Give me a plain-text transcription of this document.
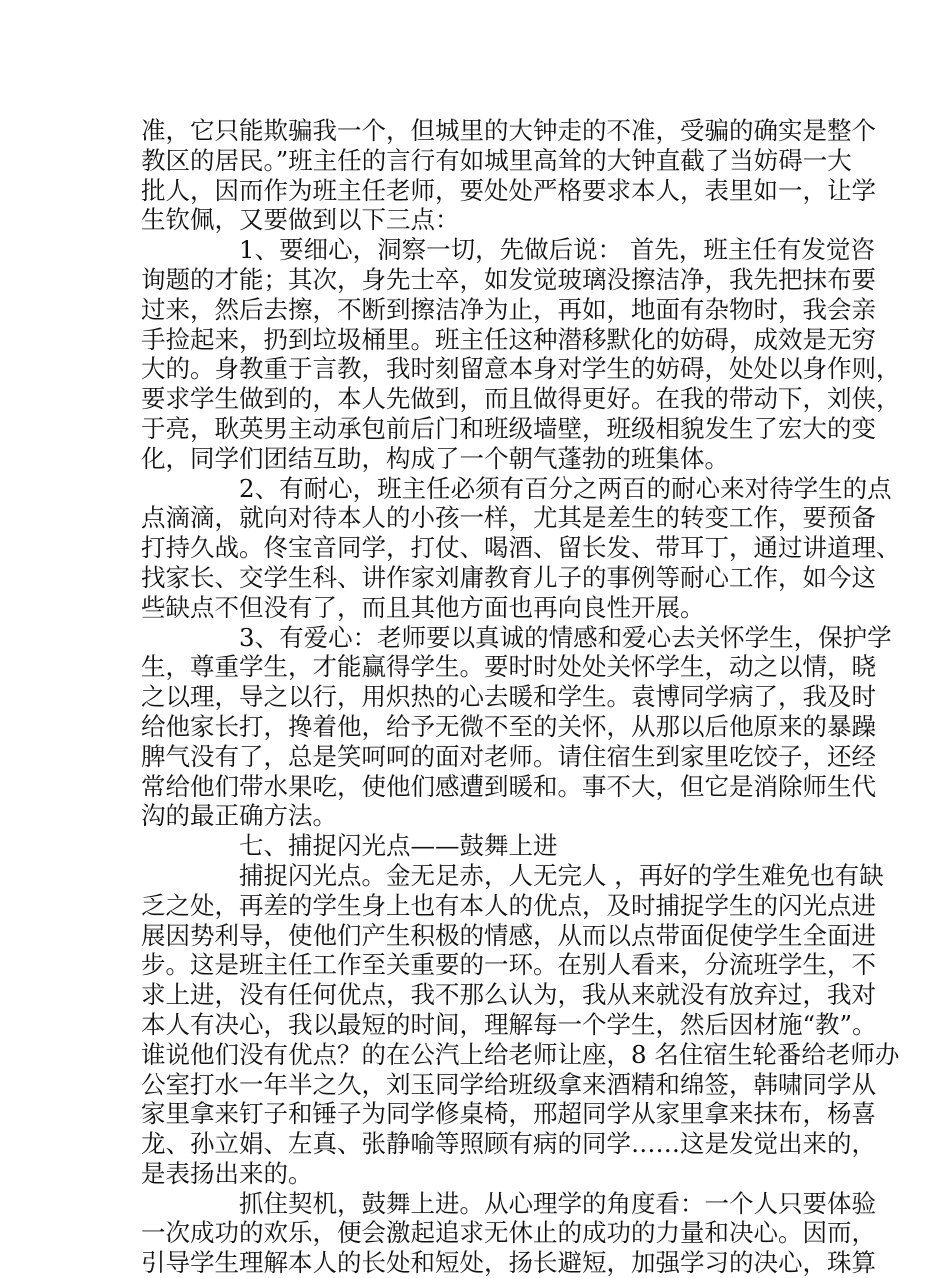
准，它只能欺骗我一个，但城里的大钟走的不准，受骗的确实是整个
教区的居民。”班主任的言行有如城里高耸的大钟直截了当妨碍一大
批人，因而作为班主任老师，要处处严格要求本人，表里如一，让学
生钦佩，又要做到以下三点：
1、要细心，洞察一切，先做后说： 首先，班主任有发觉咨
询题的才能；其次，身先士卒，如发觉玻璃没擦洁净，我先把抹布要
过来，然后去擦，不断到擦洁净为止，再如，地面有杂物时，我会亲
手捡起来，扔到垃圾桶里。班主任这种潜移默化的妨碍，成效是无穷
大的。身教重于言教，我时刻留意本身对学生的妨碍，处处以身作则，
要求学生做到的，本人先做到，而且做得更好。在我的带动下，刘侠，
于亮，耿英男主动承包前后门和班级墙壁，班级相貌发生了宏大的变
化，同学们团结互助，构成了一个朝气蓬勃的班集体。
2、有耐心，班主任必须有百分之两百的耐心来对待学生的点
点滴滴，就向对待本人的小孩一样，尤其是差生的转变工作，要预备
打持久战。佟宝音同学，打仗、喝酒、留长发、带耳丁，通过讲道理、
找家长、交学生科、讲作家刘庸教育儿子的事例等耐心工作，如今这
些缺点不但没有了，而且其他方面也再向良性开展。
3、有爱心：老师要以真诚的情感和爱心去关怀学生，保护学
生，尊重学生，才能赢得学生。要时时处处关怀学生，动之以情，晓
之以理，导之以行，用炽热的心去暖和学生。袁博同学病了，我及时
给他家长打，搀着他，给予无微不至的关怀，从那以后他原来的暴躁
脾气没有了，总是笑呵呵的面对老师。请住宿生到家里吃饺子，还经
常给他们带水果吃，使他们感遭到暖和。事不大，但它是消除师生代
沟的最正确方法。
七、捕捉闪光点——鼓舞上进
捕捉闪光点。金无足赤，人无完人 ，再好的学生难免也有缺
乏之处，再差的学生身上也有本人的优点，及时捕捉学生的闪光点进
展因势利导，使他们产生积极的情感，从而以点带面促使学生全面进
步。这是班主任工作至关重要的一环。在别人看来，分流班学生，不
求上进，没有任何优点，我不那么认为，我从来就没有放弃过，我对
本人有决心，我以最短的时间，理解每一个学生，然后因材施“教”。
谁说他们没有优点？的在公汽上给老师让座，8 名住宿生轮番给老师办
公室打水一年半之久，刘玉同学给班级拿来酒精和绵签，韩啸同学从
家里拿来钉子和锤子为同学修桌椅，邢超同学从家里拿来抹布，杨喜
龙、孙立娟、左真、张静喻等照顾有病的同学……这是发觉出来的，
是表扬出来的。
抓住契机，鼓舞上进。从心理学的角度看：一个人只要体验
一次成功的欢乐，便会激起追求无休止的成功的力量和决心。因而，
引导学生理解本人的长处和短处，扬长避短，加强学习的决心，珠算
